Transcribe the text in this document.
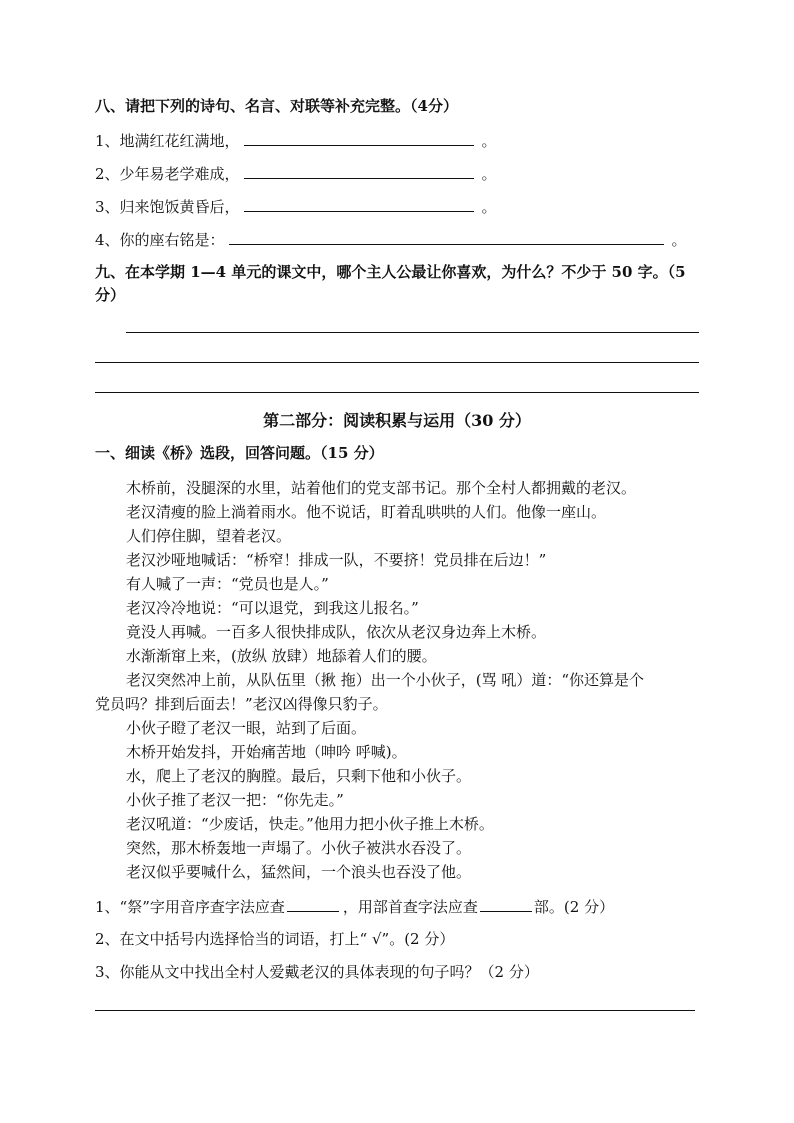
八、请把下列的诗句、名言、对联等补充完整。（4分）
1、地满红花红满地，	。
2、少年易老学难成，	。
3、归来饱饭黄昏后，	。
4、你的座右铭是：	。
九、在本学期 1—4 单元的课文中，哪个主人公最让你喜欢，为什么？不少于 50 字。（5
分）
第二部分：阅读积累与运用（30 分）
一、细读《桥》选段，回答问题。（15 分）
木桥前，没腿深的水里，站着他们的党支部书记。那个全村人都拥戴的老汉。
老汉清瘦的脸上淌着雨水。他不说话，盯着乱哄哄的人们。他像一座山。
人们停住脚，望着老汉。
老汉沙哑地喊话：“桥窄！排成一队，不要挤！党员排在后边！”
有人喊了一声：“党员也是人。”
老汉冷冷地说：“可以退党，到我这儿报名。”
竟没人再喊。一百多人很快排成队，依次从老汉身边奔上木桥。
水渐渐窜上来，(放纵 放肆）地舔着人们的腰。
老汉突然冲上前，从队伍里（揪 拖）出一个小伙子，(骂 吼）道：“你还算是个
党员吗？排到后面去！”老汉凶得像只豹子。
小伙子瞪了老汉一眼，站到了后面。
木桥开始发抖，开始痛苦地（呻吟 呼喊)。
水，爬上了老汉的胸膛。最后，只剩下他和小伙子。
小伙子推了老汉一把：“你先走。”
老汉吼道：“少废话，快走。”他用力把小伙子推上木桥。
突然，那木桥轰地一声塌了。小伙子被洪水吞没了。
老汉似乎要喊什么，猛然间，一个浪头也吞没了他。
1、“祭”字用音序查字法应查	，用部首查字法应查	部。(2 分）
2、在文中括号内选择恰当的词语，打上“ √”。(2 分）
3、你能从文中找出全村人爱戴老汉的具体表现的句子吗？（2 分）
